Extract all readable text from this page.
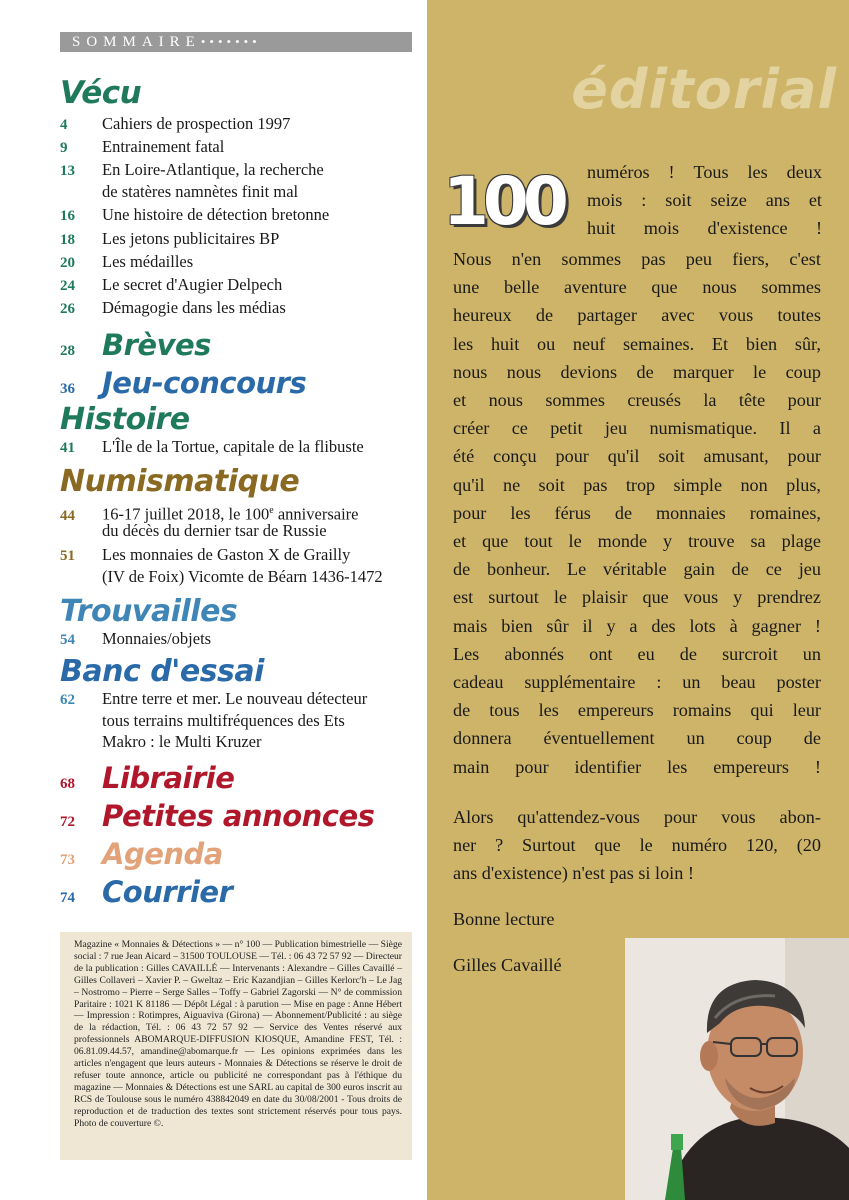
SOMMAIRE•••••••
Vécu
4	Cahiers de prospection 1997
9	Entrainement fatal
13	En Loire-Atlantique, la recherche
de statères namnètes finit mal
16	Une histoire de détection bretonne
18	Les jetons publicitaires BP
20	Les médailles
24	Le secret d'Augier Delpech
26	Démagogie dans les médias
28 Brèves
36 Jeu-concours
Histoire
41	L'Île de la Tortue, capitale de la flibuste
Numismatique
44	16-17 juillet 2018, le 100e anniversaire
du décès du dernier tsar de Russie
51	Les monnaies de Gaston X de Grailly
(IV de Foix) Vicomte de Béarn 1436-1472
Trouvailles
54	Monnaies/objets
Banc d'essai
62	Entre terre et mer. Le nouveau détecteur
tous terrains multifréquences des Ets
Makro : le Multi Kruzer
68 Librairie
72 Petites annonces
73 Agenda
74 Courrier
Magazine « Monnaies & Détections » — n° 100 — Publication bimestrielle — Siège social : 7 rue Jean Aicard – 31500 TOULOUSE — Tél. : 06 43 72 57 92 — Directeur de la publication : Gilles CAVAILLÉ — Intervenants : Alexandre – Gilles Cavaillé – Gilles Collaveri – Xavier P. – Gweltaz – Eric Kazandjian – Gilles Kerlorc'h – Le Jag – Nostromo – Pierre – Serge Salles – Toffy – Gabriel Zagorski — N° de commission Paritaire : 1021 K 81186 — Dépôt Légal : à parution — Mise en page : Anne Hébert — Impression : Rotimpres, Aiguaviva (Girona) — Abonnement/Publicité : au siège de la rédaction, Tél. : 06 43 72 57 92 — Service des Ventes réservé aux professionnels ABOMARQUE-DIFFUSION KIOSQUE, Amandine FEST, Tél. : 06.81.09.44.57, amandine@abomarque.fr — Les opinions exprimées dans les articles n'engagent que leurs auteurs - Monnaies & Détections se réserve le droit de refuser toute annonce, article ou publicité ne correspondant pas à l'éthique du magazine — Monnaies & Détections est une SARL au capital de 300 euros inscrit au RCS de Toulouse sous le numéro 438842049 en date du 30/08/2001 - Tous droits de reproduction et de traduction des textes sont strictement réservés pour tous pays. Photo de couverture ©.
éditorial
100	numéros ! Tous les deux
mois : soit seize ans et
huit mois d'existence !
Nous n'en sommes pas peu fiers, c'est
une belle aventure que nous sommes
heureux de partager avec vous toutes
les huit ou neuf semaines. Et bien sûr,
nous nous devions de marquer le coup
et nous sommes creusés la tête pour
créer ce petit jeu numismatique. Il a
été conçu pour qu'il soit amusant, pour
qu'il ne soit pas trop simple non plus,
pour les férus de monnaies romaines,
et que tout le monde y trouve sa plage
de bonheur. Le véritable gain de ce jeu
est surtout le plaisir que vous y prendrez
mais bien sûr il y a des lots à gagner !
Les abonnés ont eu de surcroit un
cadeau supplémentaire : un beau poster
de tous les empereurs romains qui leur
donnera éventuellement un coup de
main pour identifier les empereurs !
Alors qu'attendez-vous pour vous abon-
ner ? Surtout que le numéro 120, (20
ans d'existence) n'est pas si loin !
Bonne lecture
Gilles Cavaillé
